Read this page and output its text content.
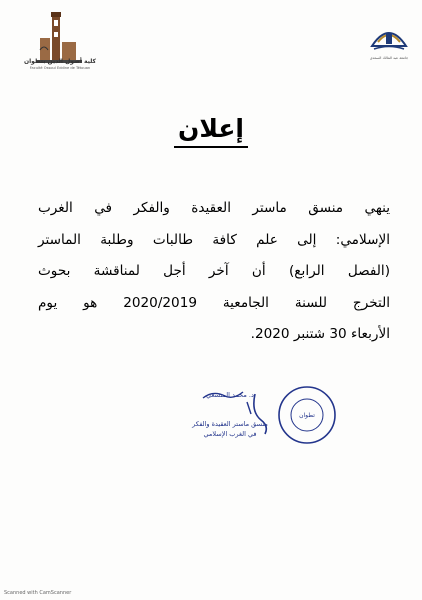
كلية أصول الدين بتطوان
Faculté Ossoul Eddine de Tétouan
جامعة عبد المالك السعدي
إعلان
ينهي منسق ماستر العقيدة والفكر في الغرب
الإسلامي: إلى علم كافة طالبات وطلبة الماستر
(الفصل الرابع) أن آخر أجل لمناقشة بحوث
التخرج للسنة الجامعية 2020/2019 هو يوم
الأربعاء 30 شتنبر 2020.
د. محمد المنسعي
منسق ماستر العقيدة والفكر
في الغرب الإسلامي
تطوان
Scanned with CamScanner
